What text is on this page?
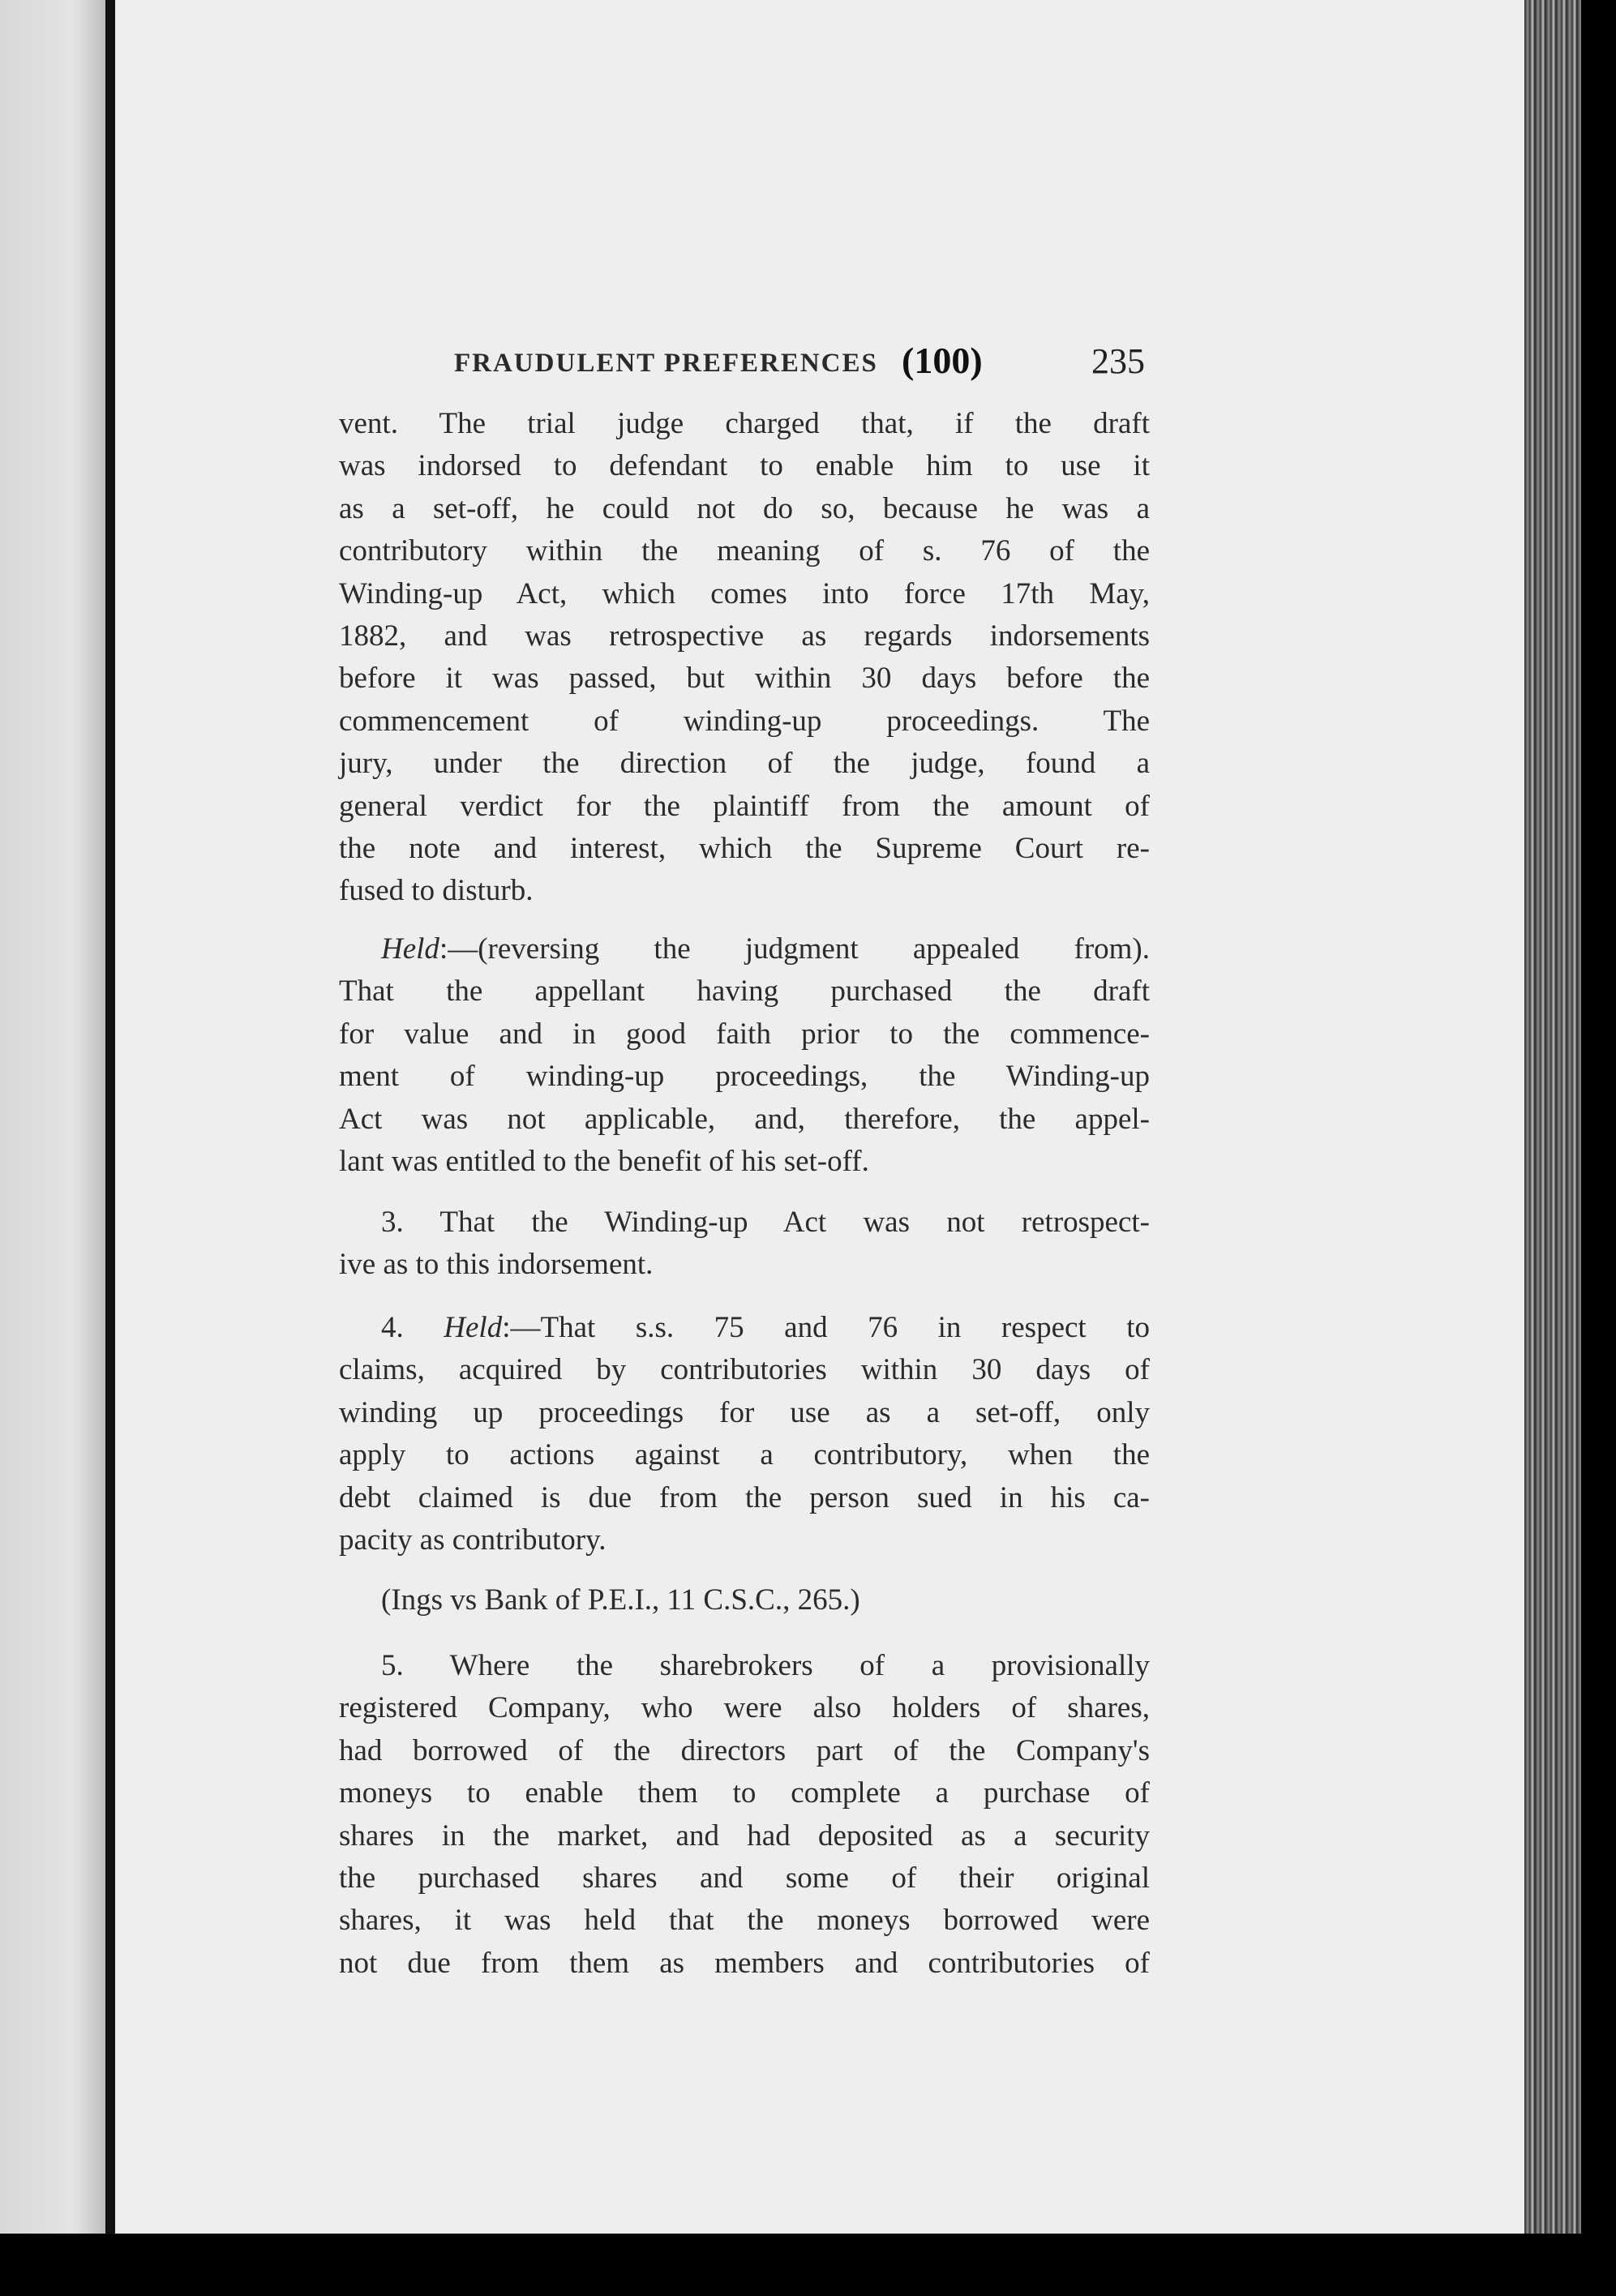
FRAUDULENT PREFERENCES (100)	235
vent. The trial judge charged that, if the draft
was indorsed to defendant to enable him to use it
as a set-off, he could not do so, because he was a
contributory within the meaning of s. 76 of the
Winding-up Act, which comes into force 17th May,
1882, and was retrospective as regards indorsements
before it was passed, but within 30 days before the
commencement of winding-up proceedings. The
jury, under the direction of the judge, found a
general verdict for the plaintiff from the amount of
the note and interest, which the Supreme Court re-
fused to disturb.
Held:—(reversing the judgment appealed from).
That the appellant having purchased the draft
for value and in good faith prior to the commence-
ment of winding-up proceedings, the Winding-up
Act was not applicable, and, therefore, the appel-
lant was entitled to the benefit of his set-off.
3. That the Winding-up Act was not retrospect-
ive as to this indorsement.
4. Held:—That s.s. 75 and 76 in respect to
claims, acquired by contributories within 30 days of
winding up proceedings for use as a set-off, only
apply to actions against a contributory, when the
debt claimed is due from the person sued in his ca-
pacity as contributory.
(Ings vs Bank of P.E.I., 11 C.S.C., 265.)
5. Where the sharebrokers of a provisionally
registered Company, who were also holders of shares,
had borrowed of the directors part of the Company's
moneys to enable them to complete a purchase of
shares in the market, and had deposited as a security
the purchased shares and some of their original
shares, it was held that the moneys borrowed were
not due from them as members and contributories of
